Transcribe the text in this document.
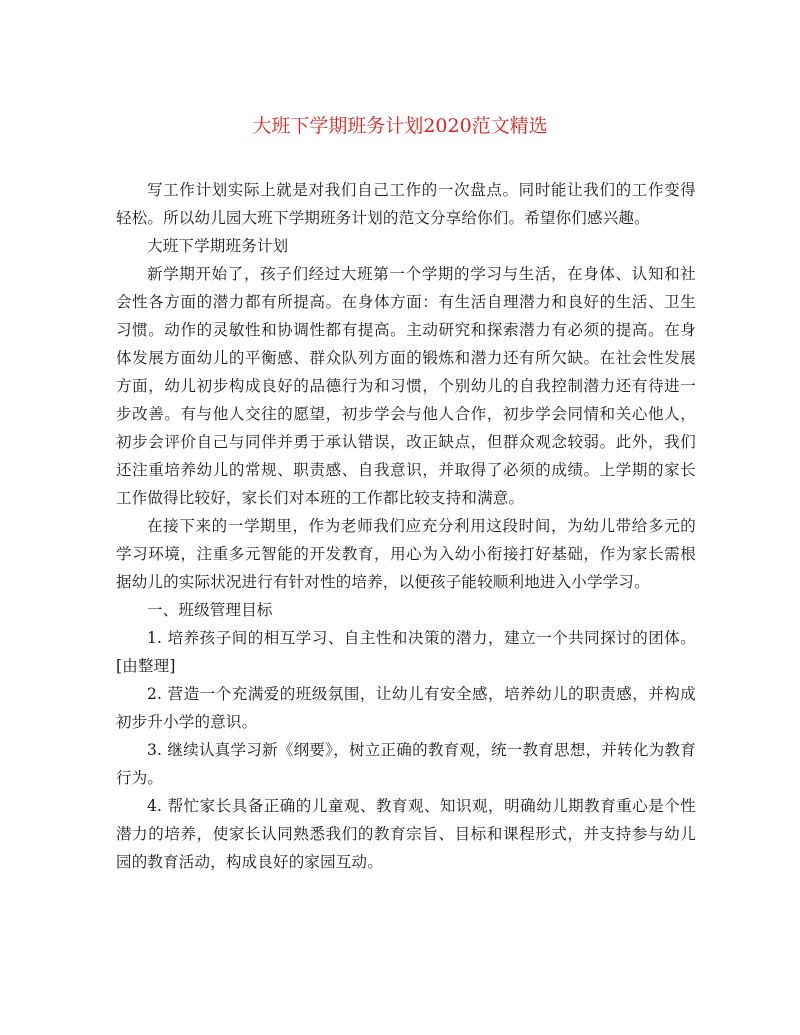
大班下学期班务计划2020范文精选

写工作计划实际上就是对我们自己工作的一次盘点。同时能让我们的工作变得轻松。所以幼儿园大班下学期班务计划的范文分享给你们。希望你们感兴趣。

大班下学期班务计划

新学期开始了，孩子们经过大班第一个学期的学习与生活，在身体、认知和社会性各方面的潜力都有所提高。在身体方面：有生活自理潜力和良好的生活、卫生习惯。动作的灵敏性和协调性都有提高。主动研究和探索潜力有必须的提高。在身体发展方面幼儿的平衡感、群众队列方面的锻炼和潜力还有所欠缺。在社会性发展方面，幼儿初步构成良好的品德行为和习惯，个别幼儿的自我控制潜力还有待进一步改善。有与他人交往的愿望，初步学会与他人合作，初步学会同情和关心他人，初步会评价自己与同伴并勇于承认错误，改正缺点，但群众观念较弱。此外，我们还注重培养幼儿的常规、职责感、自我意识，并取得了必须的成绩。上学期的家长工作做得比较好，家长们对本班的工作都比较支持和满意。

在接下来的一学期里，作为老师我们应充分利用这段时间，为幼儿带给多元的学习环境，注重多元智能的开发教育，用心为入幼小衔接打好基础，作为家长需根据幼儿的实际状况进行有针对性的培养，以便孩子能较顺利地进入小学学习。

一、班级管理目标

1. 培养孩子间的相互学习、自主性和决策的潜力，建立一个共同探讨的团体。[由整理]

2. 营造一个充满爱的班级氛围，让幼儿有安全感，培养幼儿的职责感，并构成初步升小学的意识。

3. 继续认真学习新《纲要》，树立正确的教育观，统一教育思想，并转化为教育行为。

4. 帮忙家长具备正确的儿童观、教育观、知识观，明确幼儿期教育重心是个性潜力的培养，使家长认同熟悉我们的教育宗旨、目标和课程形式，并支持参与幼儿园的教育活动，构成良好的家园互动。
